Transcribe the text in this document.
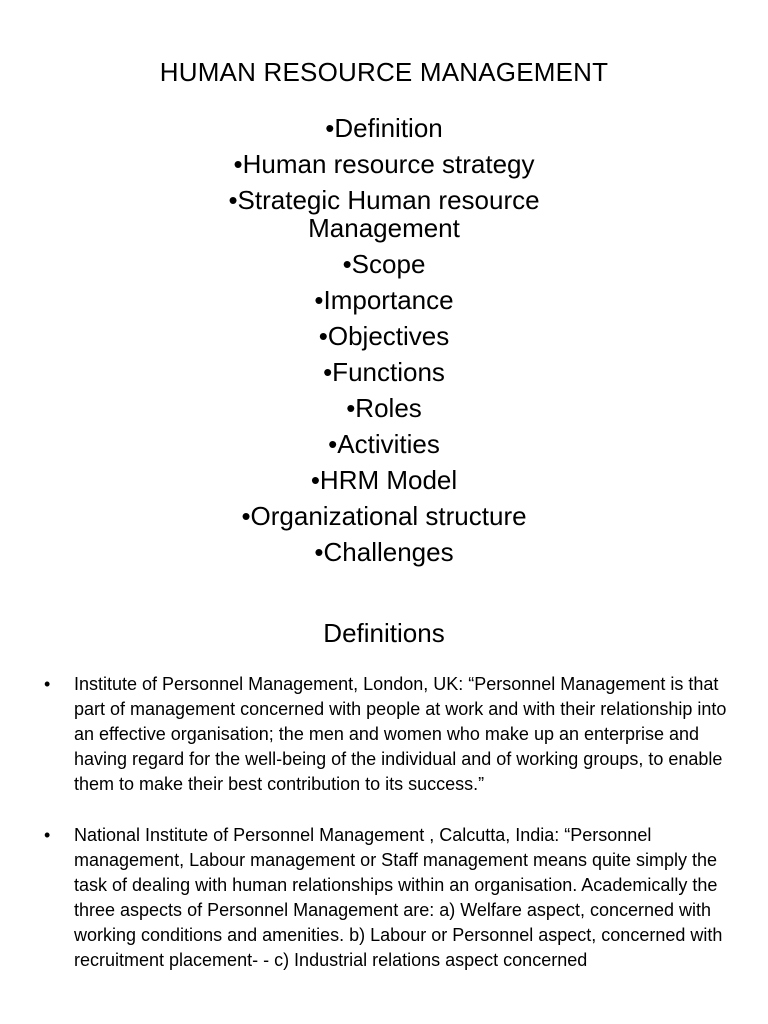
HUMAN RESOURCE MANAGEMENT
•Definition
•Human resource strategy
•Strategic Human resource Management
•Scope
•Importance
•Objectives
•Functions
•Roles
•Activities
•HRM Model
•Organizational structure
•Challenges
Definitions
• Institute of Personnel Management, London, UK: “Personnel Management is that part of management concerned with people at work and with their relationship into an effective organisation; the men and women who make up an enterprise and having regard for the well-being of the individual and of working groups, to enable them to make their best contribution to its success.”
• National Institute of Personnel Management , Calcutta, India: “Personnel management, Labour management or Staff management means quite simply the task of dealing with human relationships within an organisation. Academically the three aspects of Personnel Management are: a) Welfare aspect, concerned with working conditions and amenities. b) Labour or Personnel aspect, concerned with recruitment placement- - c) Industrial relations aspect concerned
